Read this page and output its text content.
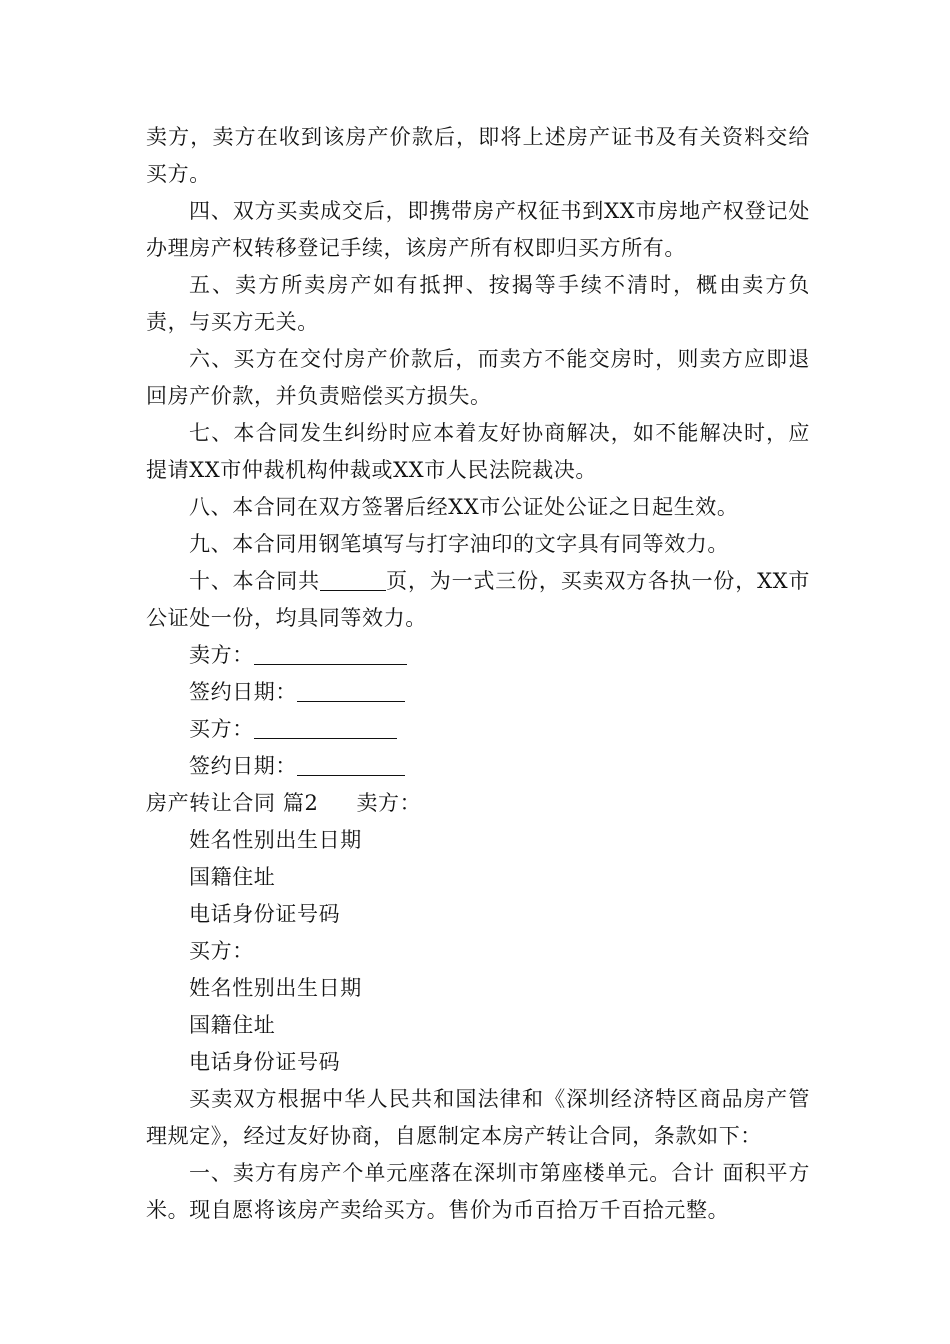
卖方，卖方在收到该房产价款后，即将上述房产证书及有关资料交给买方。

四、双方买卖成交后，即携带房产权征书到XX市房地产权登记处办理房产权转移登记手续，该房产所有权即归买方所有。

五、卖方所卖房产如有抵押、按揭等手续不清时，概由卖方负责，与买方无关。

六、买方在交付房产价款后，而卖方不能交房时，则卖方应即退回房产价款，并负责赔偿买方损失。

七、本合同发生纠纷时应本着友好协商解决，如不能解决时，应提请XX市仲裁机构仲裁或XX市人民法院裁决。

八、本合同在双方签署后经XX市公证处公证之日起生效。

九、本合同用钢笔填写与打字油印的文字具有同等效力。

十、本合同共	页，为一式三份，买卖双方各执一份，XX市公证处一份，均具同等效力。

卖方：

签约日期：

买方：

签约日期：

房产转让合同 篇2 卖方：

姓名性别出生日期

国籍住址

电话身份证号码

买方：

姓名性别出生日期

国籍住址

电话身份证号码

买卖双方根据中华人民共和国法律和《深圳经济特区商品房产管理规定》，经过友好协商，自愿制定本房产转让合同，条款如下：

一、卖方有房产个单元座落在深圳市第座楼单元。合计 面积平方米。现自愿将该房产卖给买方。售价为币百拾万千百拾元整。
